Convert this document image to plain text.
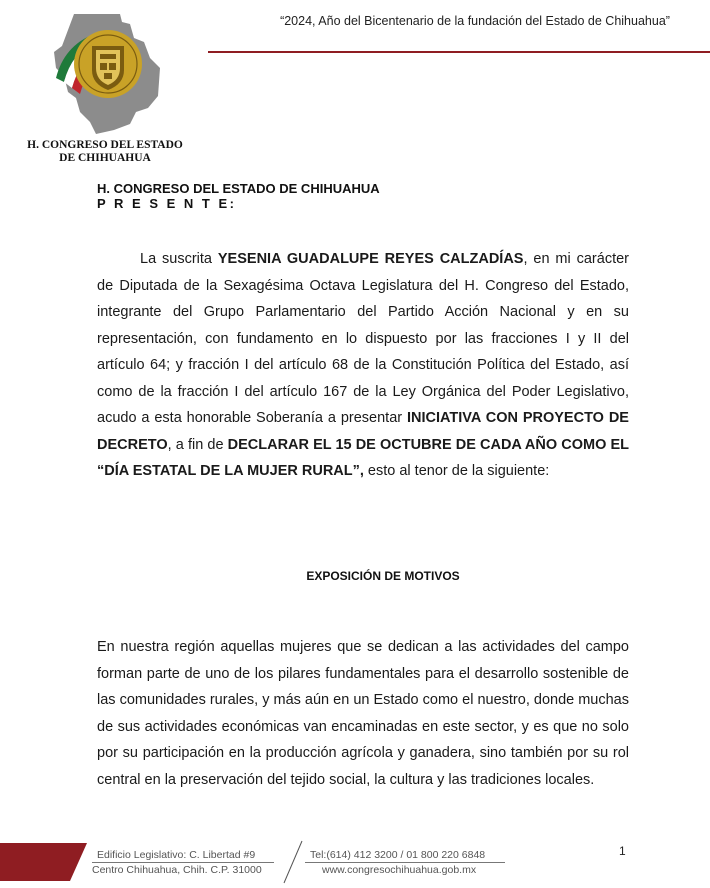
“2024, Año del Bicentenario de la fundación del Estado de Chihuahua”
H. CONGRESO DEL ESTADO
DE CHIHUAHUA
H. CONGRESO DEL ESTADO DE CHIHUAHUA
P R E S E N T E:
La suscrita YESENIA GUADALUPE REYES CALZADÍAS, en mi carácter de Diputada de la Sexagésima Octava Legislatura del H. Congreso del Estado, integrante del Grupo Parlamentario del Partido Acción Nacional y en su representación, con fundamento en lo dispuesto por las fracciones I y II del artículo 64; y fracción I del artículo 68 de la Constitución Política del Estado, así como de la fracción I del artículo 167 de la Ley Orgánica del Poder Legislativo, acudo a esta honorable Soberanía a presentar INICIATIVA CON PROYECTO DE DECRETO, a fin de DECLARAR EL 15 DE OCTUBRE DE CADA AÑO COMO EL “DÍA ESTATAL DE LA MUJER RURAL”, esto al tenor de la siguiente:
EXPOSICIÓN DE MOTIVOS
En nuestra región aquellas mujeres que se dedican a las actividades del campo forman parte de uno de los pilares fundamentales para el desarrollo sostenible de las comunidades rurales, y más aún en un Estado como el nuestro, donde muchas de sus actividades económicas van encaminadas en este sector, y es que no solo por su participación en la producción agrícola y ganadera, sino también por su rol central en la preservación del tejido social, la cultura y las tradiciones locales.
Edificio Legislativo: C. Libertad #9
Centro Chihuahua, Chih. C.P. 31000
Tel:(614) 412 3200 / 01 800 220 6848
www.congresochihuahua.gob.mx
1
